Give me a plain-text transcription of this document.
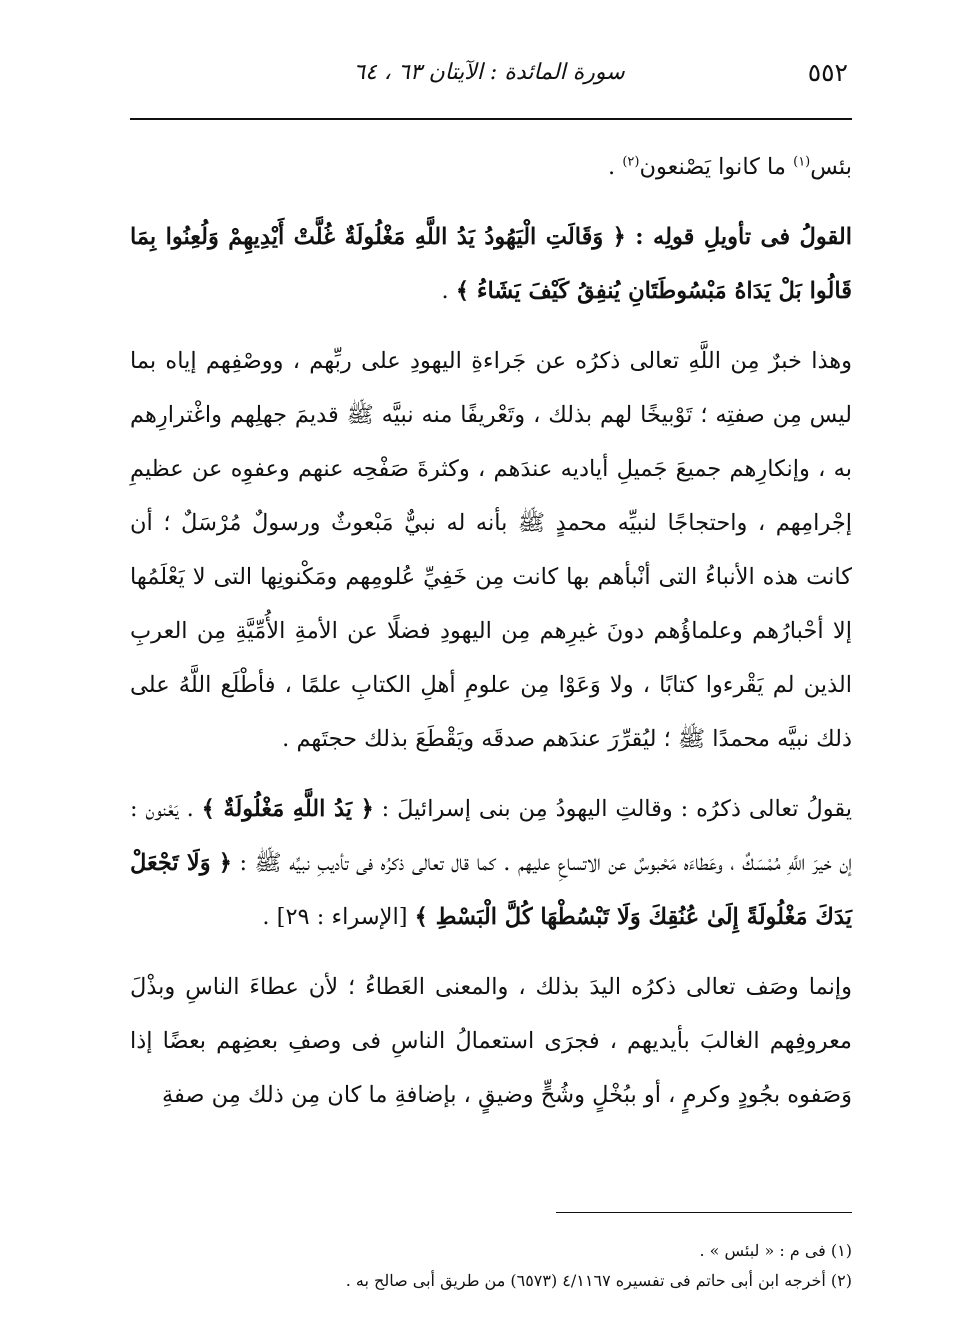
٥٥٢
سورة المائدة : الآيتان ٦٣ ، ٦٤

بئس$^{(١)}$ ما كانوا يَصْنعون$^{(٢)}$ .

القولُ فى تأويلِ قولِه : ﴿ وَقَالَتِ الْيَهُودُ يَدُ اللَّهِ مَغْلُولَةٌ غُلَّتْ أَيْدِيهِمْ وَلُعِنُوا بِمَا قَالُوا بَلْ يَدَاهُ مَبْسُوطَتَانِ يُنفِقُ كَيْفَ يَشَاءُ ﴾ .

وهذا خبرٌ مِن اللَّهِ تعالى ذكرُه عن جَراءةِ اليهودِ على ربِّهم ، ووصْفِهم إياه بما ليس مِن صفتِه ؛ تَوْبيخًا لهم بذلك ، وتَعْريفًا منه نبيَّه ﷺ قديمَ جهلِهم واغْترارِهم به ، وإنكارِهم جميعَ جَميلِ أياديه عندَهم ، وكثرةَ صَفْحِه عنهم وعفوِه عن عظيمِ إجْرامِهم ، واحتجاجًا لنبيِّه محمدٍ ﷺ بأنه له نبيٌّ مَبْعوثٌ ورسولٌ مُرْسَلٌ ؛ أن كانت هذه الأنباءُ التى أنْبأهم بها كانت مِن خَفِيِّ عُلومِهم ومَكْنونِها التى لا يَعْلَمُها إلا أحْبارُهم وعلماؤُهم دونَ غيرِهم مِن اليهودِ فضلًا عن الأمةِ الأُمِّيَّةِ مِن العربِ الذين لم يَقْرءوا كتابًا ، ولا وَعَوْا مِن علومِ أهلِ الكتابِ علمًا ، فأطْلَع اللَّهُ على ذلك نبيَّه محمدًا ﷺ ؛ ليُقرِّرَ عندَهم صدقَه ويَقْطَعَ بذلك حجتَهم .

يقولُ تعالى ذكرُه : وقالتِ اليهودُ مِن بنى إسرائيلَ : ﴿ يَدُ اللَّهِ مَغْلُولَةٌ ﴾ . يَعْنون : إن خيرَ اللَّهِ مُمْسَكٌ ، وعَطاءَه مَحْبوسٌ عن الاتساعِ عليهم . كما قال تعالى ذكرُه فى تأديبِ نبيِّه ﷺ : ﴿ وَلَا تَجْعَلْ يَدَكَ مَغْلُولَةً إِلَىٰ عُنُقِكَ وَلَا تَبْسُطْهَا كُلَّ الْبَسْطِ ﴾ [الإسراء : ٢٩] .

وإنما وصَف تعالى ذكرُه اليدَ بذلك ، والمعنى العَطاءُ ؛ لأن عطاءَ الناسِ وبذْلَ معروفِهم الغالبَ بأيديهم ، فجرَى استعمالُ الناسِ فى وصفِ بعضِهم بعضًا إذا وَصَفوه بجُودٍ وكرمٍ ، أو ببُخْلٍ وشُحٍّ وضيقٍ ، بإضافةِ ما كان مِن ذلك مِن صفةِ

(١) فى م : « لبئس » .

(٢) أخرجه ابن أبى حاتم فى تفسيره ٤/١١٦٧ (٦٥٧٣) من طريق أبى صالح به .
